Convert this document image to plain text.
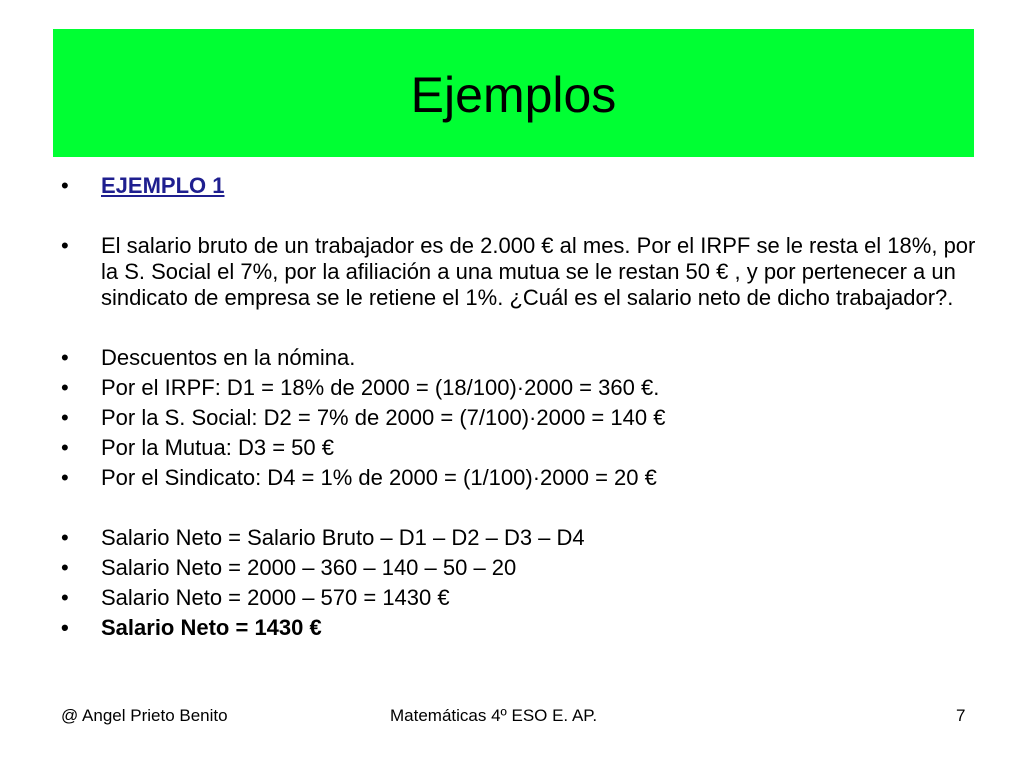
Ejemplos
• EJEMPLO 1
• El salario bruto de un trabajador es de 2.000 € al mes. Por el IRPF se le resta el 18%, por la S. Social el 7%, por la afiliación a una mutua se le restan 50 € , y por pertenecer a un sindicato de empresa se le retiene el 1%. ¿Cuál es el salario neto de dicho trabajador?.
• Descuentos en la nómina.
• Por el IRPF: D1 = 18% de 2000 = (18/100)·2000 = 360 €.
• Por la S. Social: D2 = 7% de 2000 = (7/100)·2000 = 140 €
• Por la Mutua: D3 = 50 €
• Por el Sindicato: D4 = 1% de 2000 = (1/100)·2000 = 20 €
• Salario Neto = Salario Bruto – D1 – D2 – D3 – D4
• Salario Neto = 2000 – 360 – 140 – 50 – 20
• Salario Neto = 2000 – 570 = 1430 €
• Salario Neto = 1430 €
@ Angel Prieto Benito	Matemáticas 4º ESO E. AP.	7
